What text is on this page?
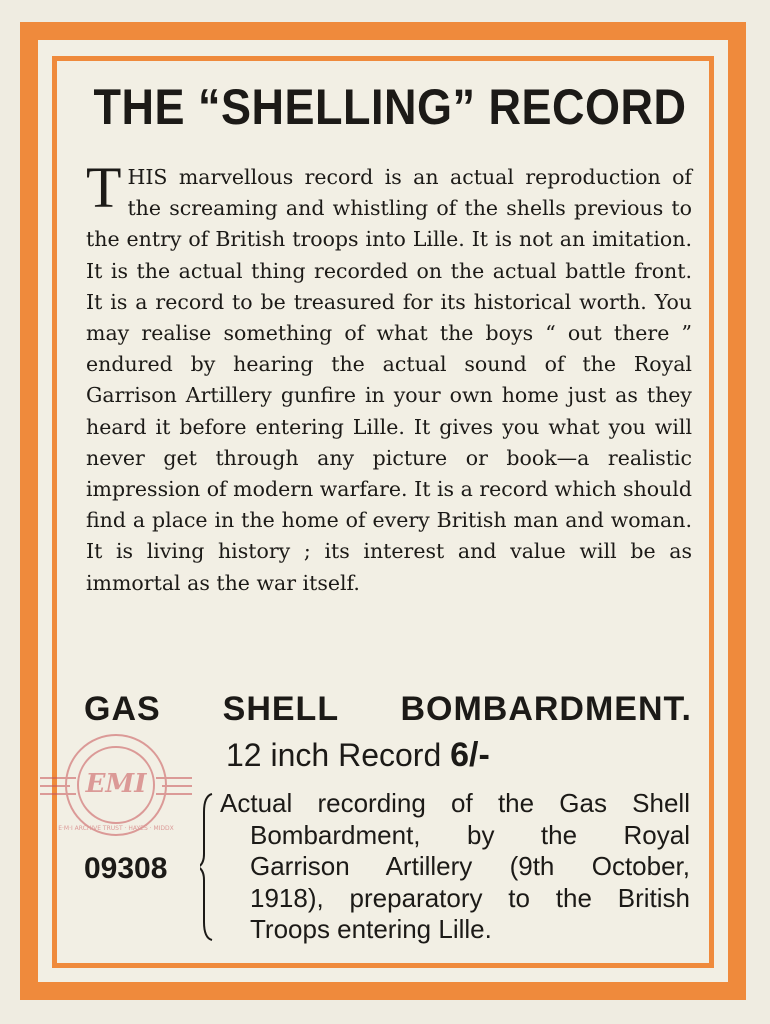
THE “SHELLING” RECORD

THIS marvellous record is an actual reproduction of the screaming and whistling of the shells previous to the entry of British troops into Lille. It is not an imitation. It is the actual thing recorded on the actual battle front. It is a record to be treasured for its historical worth. You may realise something of what the boys “ out there ” endured by hearing the actual sound of the Royal Garrison Artillery gunfire in your own home just as they heard it before entering Lille. It gives you what you will never get through any picture or book—a realistic impression of modern warfare. It is a record which should find a place in the home of every British man and woman. It is living history ; its interest and value will be as immortal as the war itself.

EMI
E·M·I ARCHIVE TRUST · HAYES · MIDDX
GAS SHELL BOMBARDMENT.

12 inch Record 6/-

09308

Actual recording of the Gas Shell
Bombardment, by the Royal
Garrison Artillery (9th October,
1918), preparatory to the British
Troops entering Lille.
